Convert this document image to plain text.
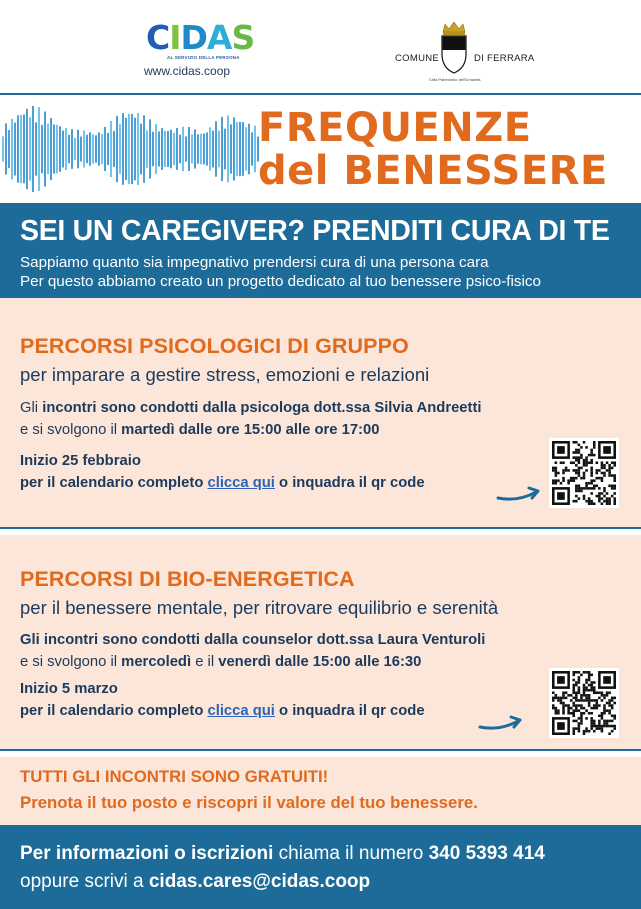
CIDAS
AL SERVIZIO DELLA PERSONA
www.cidas.coop
COMUNE	DI FERRARA
Città Patrimonio dell'Umanità
FREQUENZE
del BENESSERE
SEI UN CAREGIVER? PRENDITI CURA DI TE
Sappiamo quanto sia impegnativo prendersi cura di una persona cara
Per questo abbiamo creato un progetto dedicato al tuo benessere psico-fisico
PERCORSI PSICOLOGICI DI GRUPPO
per imparare a gestire stress, emozioni e relazioni
Gli incontri sono condotti dalla psicologa dott.ssa Silvia Andreetti
e si svolgono il martedì dalle ore 15:00 alle ore 17:00
Inizio 25 febbraio
per il calendario completo clicca qui o inquadra il qr code
PERCORSI DI BIO-ENERGETICA
per il benessere mentale, per ritrovare equilibrio e serenità
Gli incontri sono condotti dalla counselor dott.ssa Laura Venturoli
e si svolgono il mercoledì e il venerdì dalle 15:00 alle 16:30
Inizio 5 marzo
per il calendario completo clicca qui o inquadra il qr code
TUTTI GLI INCONTRI SONO GRATUITI!
Prenota il tuo posto e riscopri il valore del tuo benessere.
Per informazioni o iscrizioni chiama il numero 340 5393 414
oppure scrivi a cidas.cares@cidas.coop
